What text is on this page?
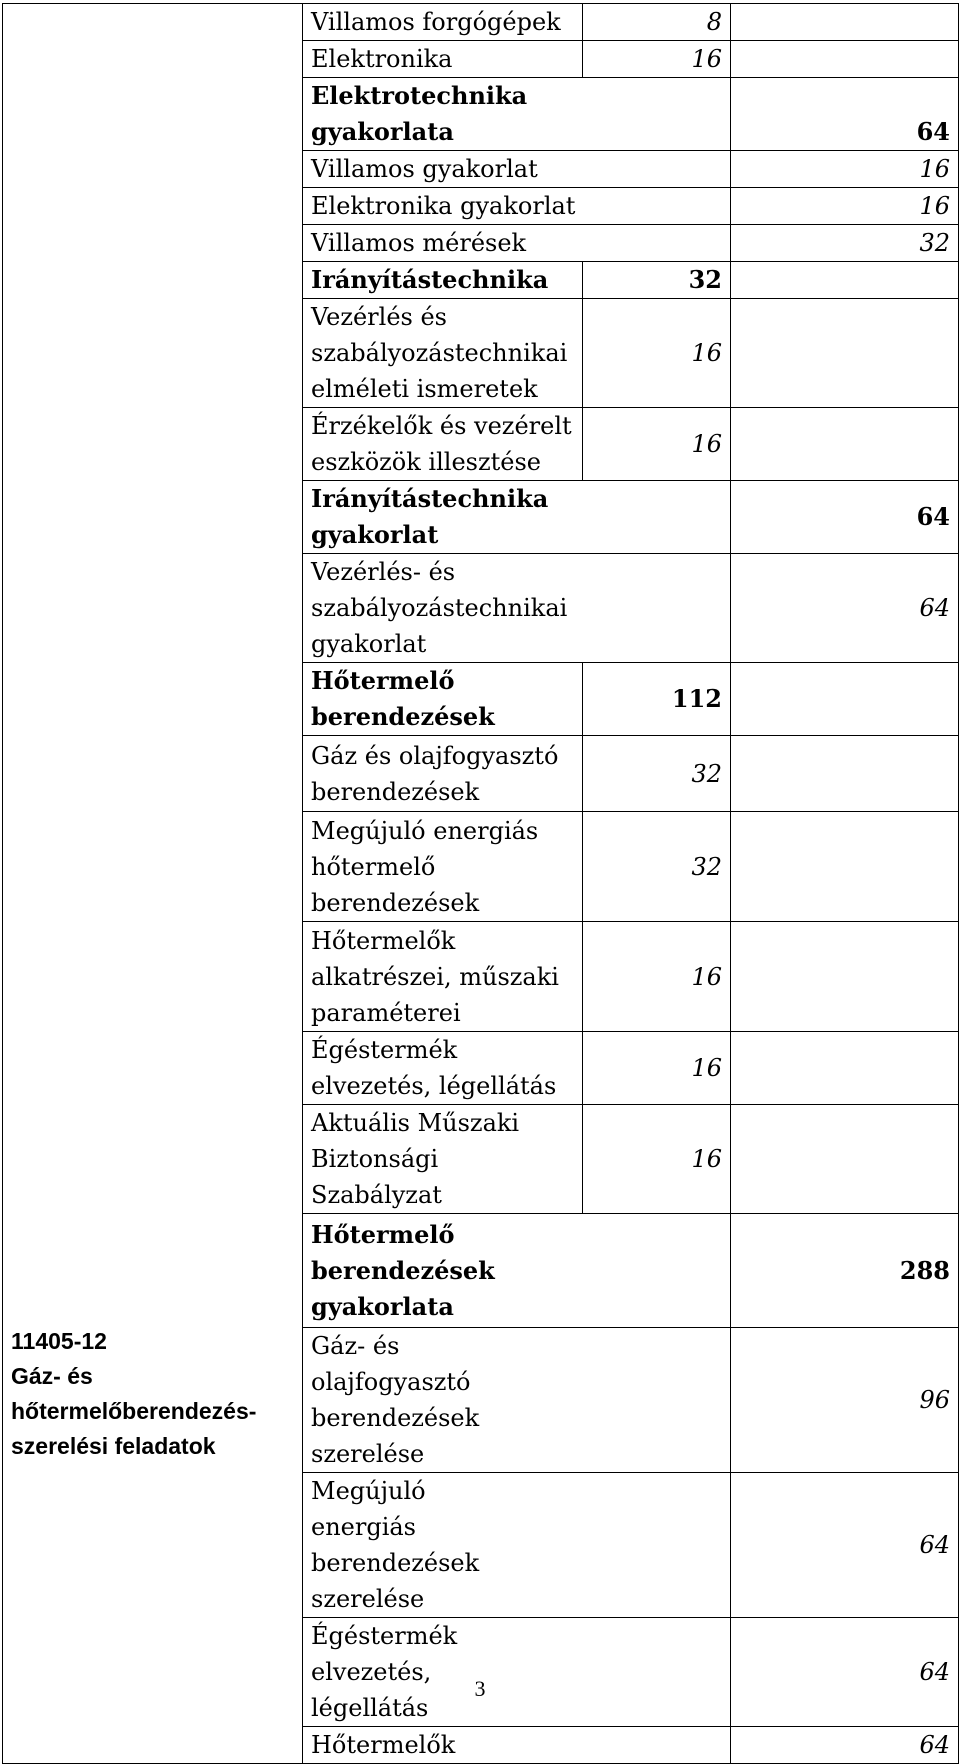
11405-12
Gáz- és
hőtermelőberendezés-
szerelési feladatok	Villamos forgógépek	8	
	Elektronika	16	
	Elektrotechnika gyakorlata		64
	Villamos gyakorlat		16
	Elektronika gyakorlat		16
	Villamos mérések		32
	Irányítástechnika	32	
	Vezérlés és szabályozástechnikai elméleti ismeretek	16	
	Érzékelők és vezérelt eszközök illesztése	16	
	Irányítástechnika gyakorlat		64
	Vezérlés- és szabályozástechnikai gyakorlat		64
	Hőtermelő berendezések	112	
	Gáz és olajfogyasztó berendezések	32	
	Megújuló energiás hőtermelő berendezések	32	
	Hőtermelők alkatrészei, műszaki paraméterei	16	
	Égéstermék elvezetés, légellátás	16	
	Aktuális Műszaki Biztonsági Szabályzat	16	
	Hőtermelő berendezések gyakorlata		288
	Gáz- és olajfogyasztó berendezések szerelése		96
	Megújuló energiás berendezések szerelése		64
	Égéstermék elvezetés, légellátás		64
	Hőtermelők		64
3
